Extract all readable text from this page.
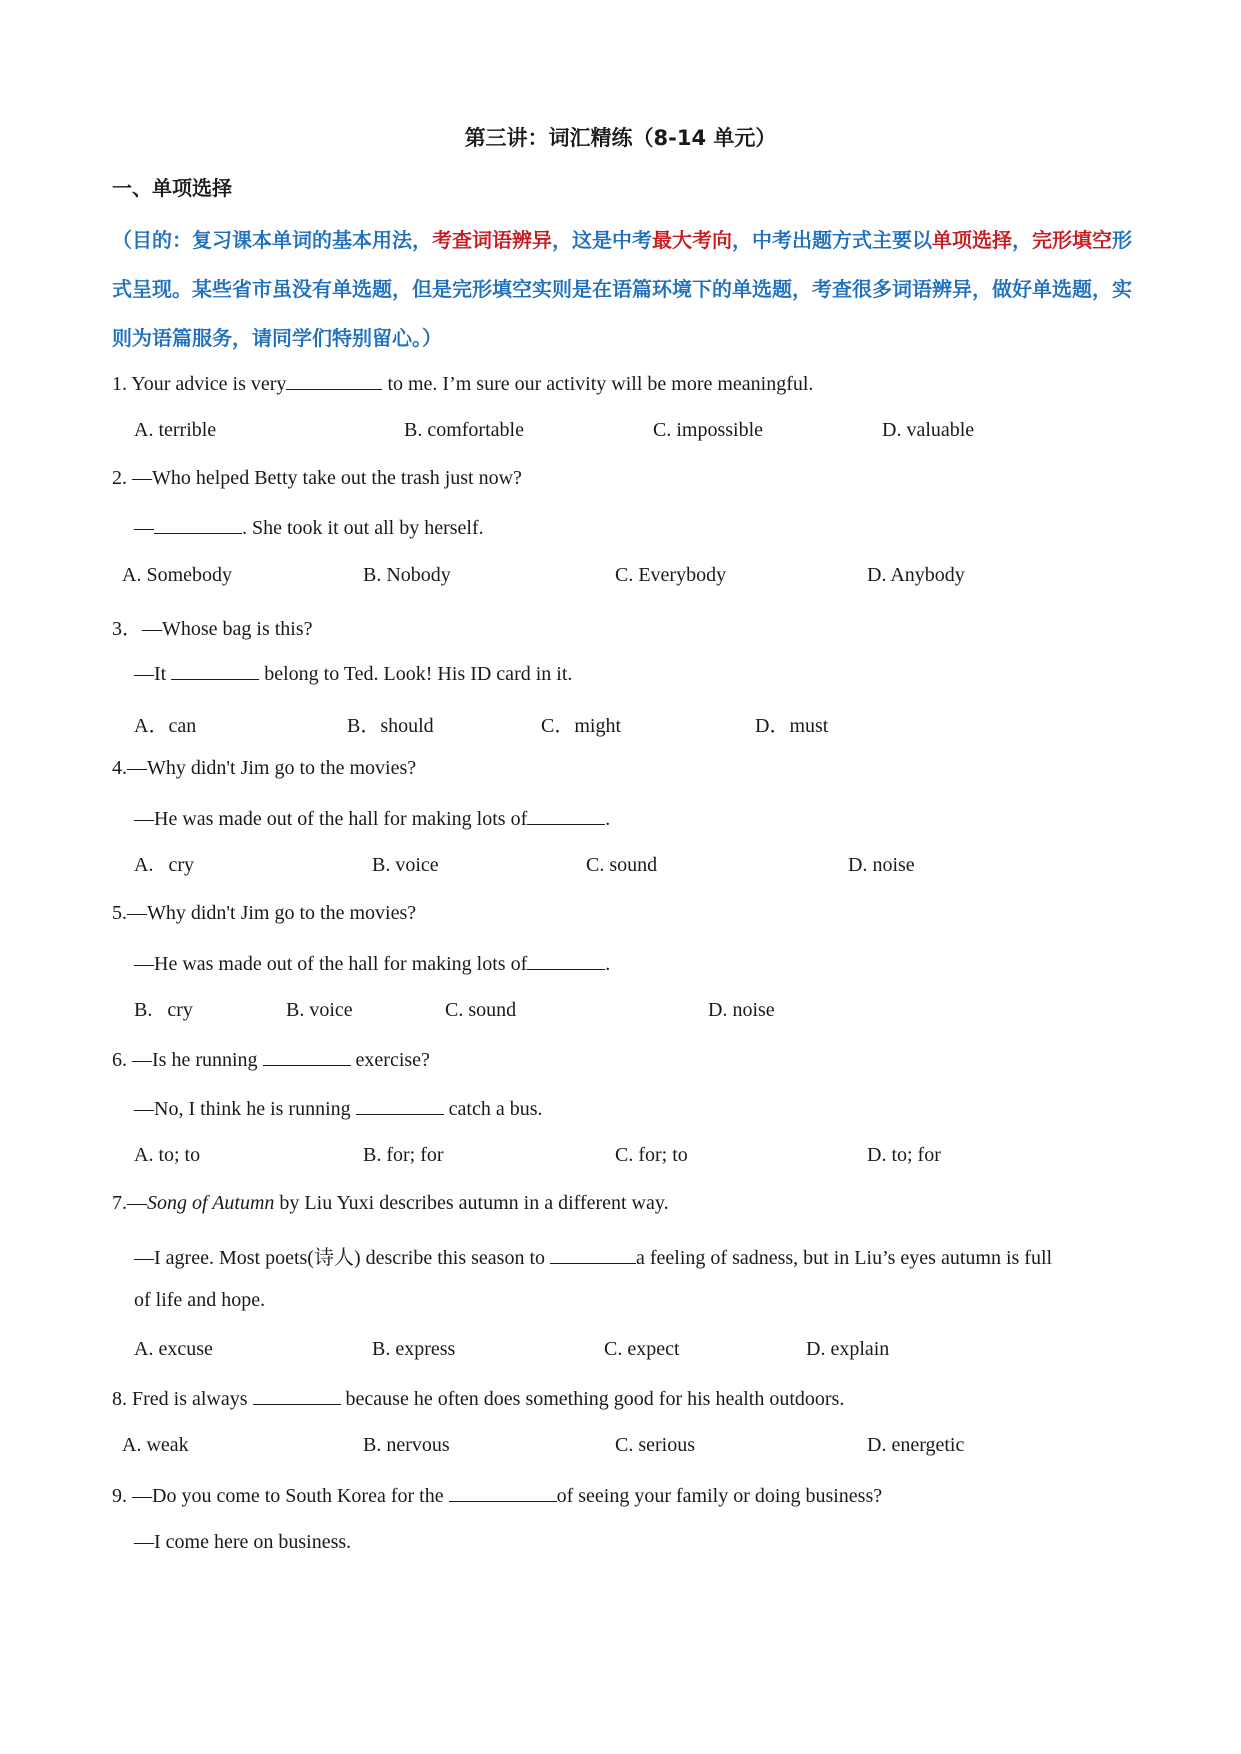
第三讲：词汇精练（8-14 单元）
一、单项选择

（目的：复习课本单词的基本用法，考查词语辨异，这是中考最大考向，中考出题方式主要以单项选择，完形填空形式呈现。某些省市虽没有单选题，但是完形填空实则是在语篇环境下的单选题，考查很多词语辨异，做好单选题，实则为语篇服务，请同学们特别留心。）

1. Your advice is very	to me. I’m sure our activity will be more meaningful.

A. terrible	B. comfortable	C. impossible	D. valuable

2. —Who helped Betty take out the trash just now?

—	. She took it out all by herself.

A. Somebody	B. Nobody	C. Everybody	D. Anybody

3．—Whose bag is this?

—It	belong to Ted. Look! His ID card in it.

A．can	B．should	C．might	D．must

4.—Why didn't Jim go to the movies?

—He was made out of the hall for making lots of	.

A.   cry	B. voice	C. sound	D. noise

5.—Why didn't Jim go to the movies?

—He was made out of the hall for making lots of	.

B.   cry	B. voice	C. sound	D. noise

6. —Is he running	exercise?

—No, I think he is running	catch a bus.

A. to; to	B. for; for	C. for; to	D. to; for

7.—Song of Autumn by Liu Yuxi describes autumn in a different way.

—I agree. Most poets(诗人) describe this season to	a feeling of sadness, but in Liu’s eyes autumn is full

of life and hope.

A. excuse	B. express	C. expect	D. explain

8. Fred is always	because he often does something good for his health outdoors.

A. weak	B. nervous	C. serious	D. energetic

9. —Do you come to South Korea for the	of seeing your family or doing business?

—I come here on business.
